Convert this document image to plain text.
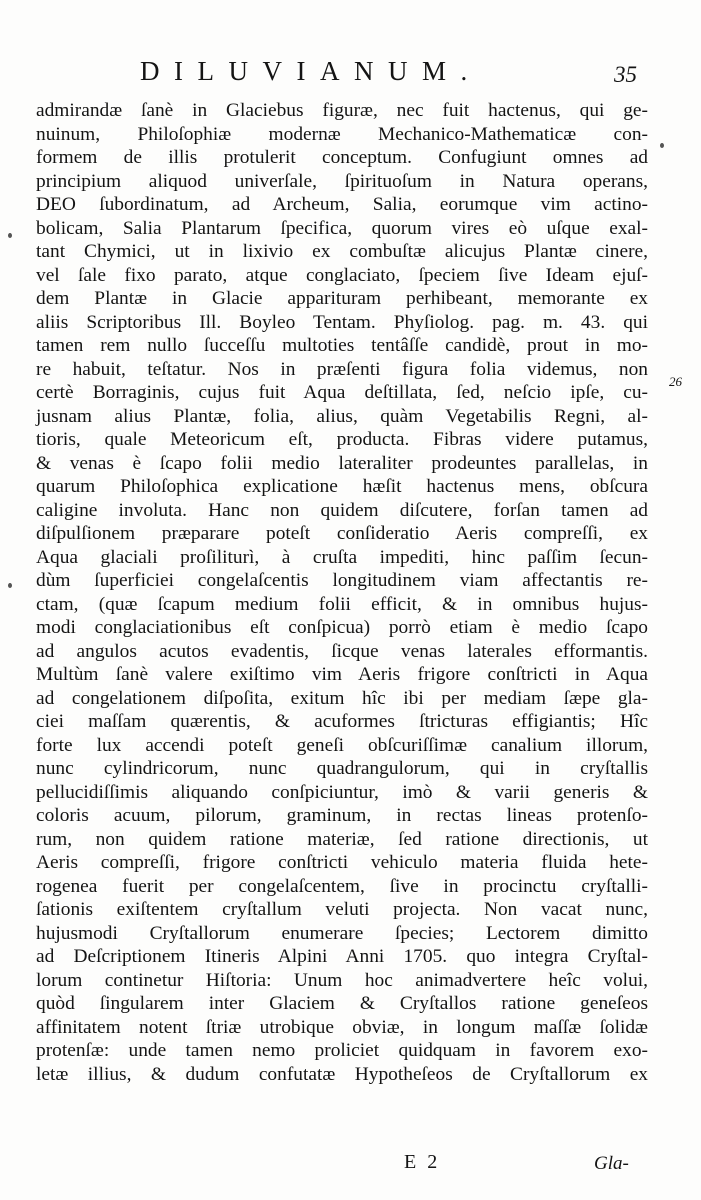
DILUVIANUM.	35
26
admirandæ ſanè in Glaciebus figuræ, nec fuit hactenus, qui ge-
nuinum, Philoſophiæ modernæ Mechanico-Mathematicæ con-
formem de illis protulerit conceptum. Confugiunt omnes ad
principium aliquod univerſale, ſpirituoſum in Natura operans,
DEO ſubordinatum, ad Archeum, Salia, eorumque vim actino-
bolicam, Salia Plantarum ſpecifica, quorum vires eò uſque exal-
tant Chymici, ut in lixivio ex combuſtæ alicujus Plantæ cinere,
vel ſale fixo parato, atque conglaciato, ſpeciem ſive Ideam ejuſ-
dem Plantæ in Glacie apparituram perhibeant, memorante ex
aliis Scriptoribus Ill. Boyleo Tentam. Phyſiolog. pag. m. 43. qui
tamen rem nullo ſucceſſu multoties tentâſſe candidè, prout in mo-
re habuit, teſtatur. Nos in præſenti figura folia videmus, non
certè Borraginis, cujus fuit Aqua deſtillata, ſed, neſcio ipſe, cu-
jusnam alius Plantæ, folia, alius, quàm Vegetabilis Regni, al-
tioris, quale Meteoricum eſt, producta. Fibras videre putamus,
& venas è ſcapo folii medio lateraliter prodeuntes parallelas, in
quarum Philoſophica explicatione hæſit hactenus mens, obſcura
caligine involuta. Hanc non quidem diſcutere, forſan tamen ad
diſpulſionem præparare poteſt conſideratio Aeris compreſſi, ex
Aqua glaciali proſiliturì, à cruſta impediti, hinc paſſim ſecun-
dùm ſuperficiei congelaſcentis longitudinem viam affectantis re-
ctam, (quæ ſcapum medium folii efficit, & in omnibus hujus-
modi conglaciationibus eſt conſpicua) porrò etiam è medio ſcapo
ad angulos acutos evadentis, ſicque venas laterales efformantis.
Multùm ſanè valere exiſtimo vim Aeris frigore conſtricti in Aqua
ad congelationem diſpoſita, exitum hîc ibi per mediam ſæpe gla-
ciei maſſam quærentis, & acuformes ſtricturas effigiantis; Hîc
forte lux accendi poteſt geneſi obſcuriſſimæ canalium illorum,
nunc cylindricorum, nunc quadrangulorum, qui in cryſtallis
pellucidiſſimis aliquando conſpiciuntur, imò & varii generis &
coloris acuum, pilorum, graminum, in rectas lineas protenſo-
rum, non quidem ratione materiæ, ſed ratione directionis, ut
Aeris compreſſi, frigore conſtricti vehiculo materia fluida hete-
rogenea fuerit per congelaſcentem, ſive in procinctu cryſtalli-
ſationis exiſtentem cryſtallum veluti projecta. Non vacat nunc,
hujusmodi Cryſtallorum enumerare ſpecies; Lectorem dimitto
ad Deſcriptionem Itineris Alpini Anni 1705. quo integra Cryſtal-
lorum continetur Hiſtoria: Unum hoc animadvertere heîc volui,
quòd ſingularem inter Glaciem & Cryſtallos ratione geneſeos
affinitatem notent ſtriæ utrobique obviæ, in longum maſſæ ſolidæ
protenſæ: unde tamen nemo proliciet quidquam in favorem exo-
letæ illius, & dudum confutatæ Hypotheſeos de Cryſtallorum ex
E 2	Gla-
